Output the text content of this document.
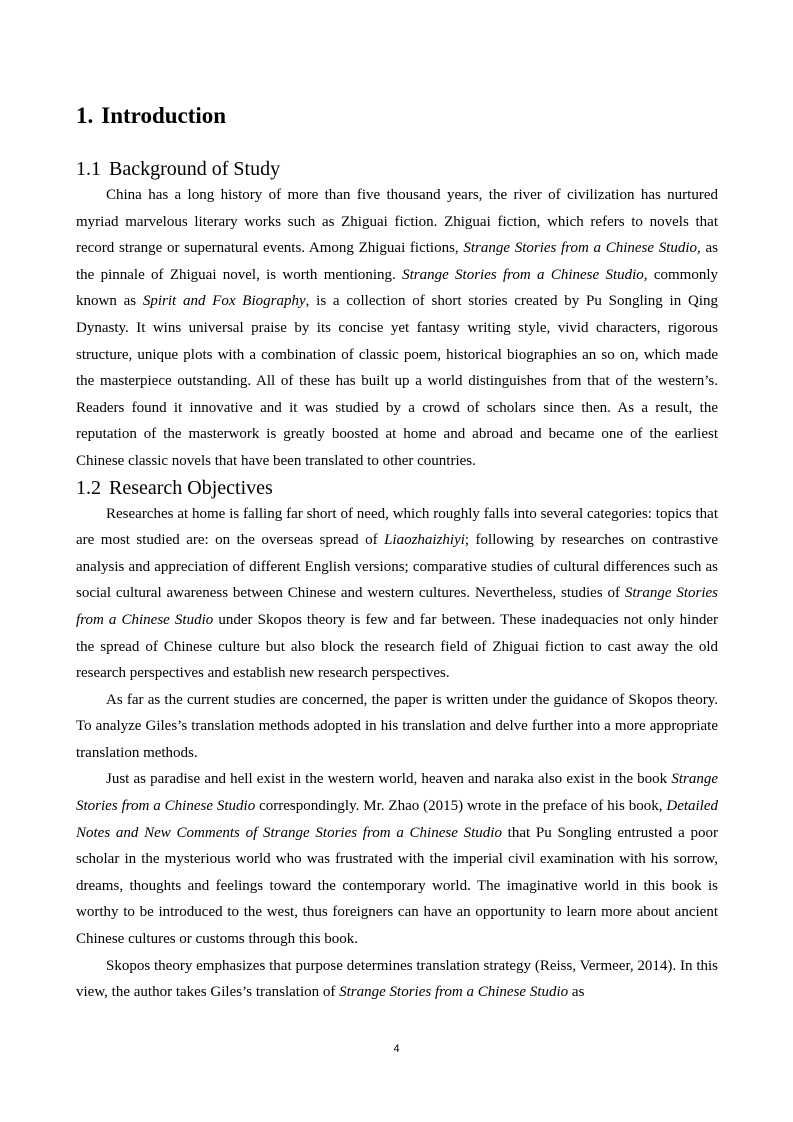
1. Introduction
1.1 Background of Study

China has a long history of more than five thousand years, the river of civilization has nurtured myriad marvelous literary works such as Zhiguai fiction. Zhiguai fiction, which refers to novels that record strange or supernatural events. Among Zhiguai fictions, Strange Stories from a Chinese Studio, as the pinnale of Zhiguai novel, is worth mentioning. Strange Stories from a Chinese Studio, commonly known as Spirit and Fox Biography, is a collection of short stories created by Pu Songling in Qing Dynasty. It wins universal praise by its concise yet fantasy writing style, vivid characters, rigorous structure, unique plots with a combination of classic poem, historical biographies an so on, which made the masterpiece outstanding. All of these has built up a world distinguishes from that of the western’s. Readers found it innovative and it was studied by a crowd of scholars since then. As a result, the reputation of the masterwork is greatly boosted at home and abroad and became one of the earliest Chinese classic novels that have been translated to other countries.

1.2 Research Objectives

Researches at home is falling far short of need, which roughly falls into several categories: topics that are most studied are: on the overseas spread of Liaozhaizhiyi; following by researches on contrastive analysis and appreciation of different English versions; comparative studies of cultural differences such as social cultural awareness between Chinese and western cultures. Nevertheless, studies of Strange Stories from a Chinese Studio under Skopos theory is few and far between. These inadequacies not only hinder the spread of Chinese culture but also block the research field of Zhiguai fiction to cast away the old research perspectives and establish new research perspectives.

As far as the current studies are concerned, the paper is written under the guidance of Skopos theory. To analyze Giles’s translation methods adopted in his translation and delve further into a more appropriate translation methods.

Just as paradise and hell exist in the western world, heaven and naraka also exist in the book Strange Stories from a Chinese Studio correspondingly. Mr. Zhao (2015) wrote in the preface of his book, Detailed Notes and New Comments of Strange Stories from a Chinese Studio that Pu Songling entrusted a poor scholar in the mysterious world who was frustrated with the imperial civil examination with his sorrow, dreams, thoughts and feelings toward the contemporary world. The imaginative world in this book is worthy to be introduced to the west, thus foreigners can have an opportunity to learn more about ancient Chinese cultures or customs through this book.

Skopos theory emphasizes that purpose determines translation strategy (Reiss, Vermeer, 2014). In this view, the author takes Giles’s translation of Strange Stories from a Chinese Studio as

4
